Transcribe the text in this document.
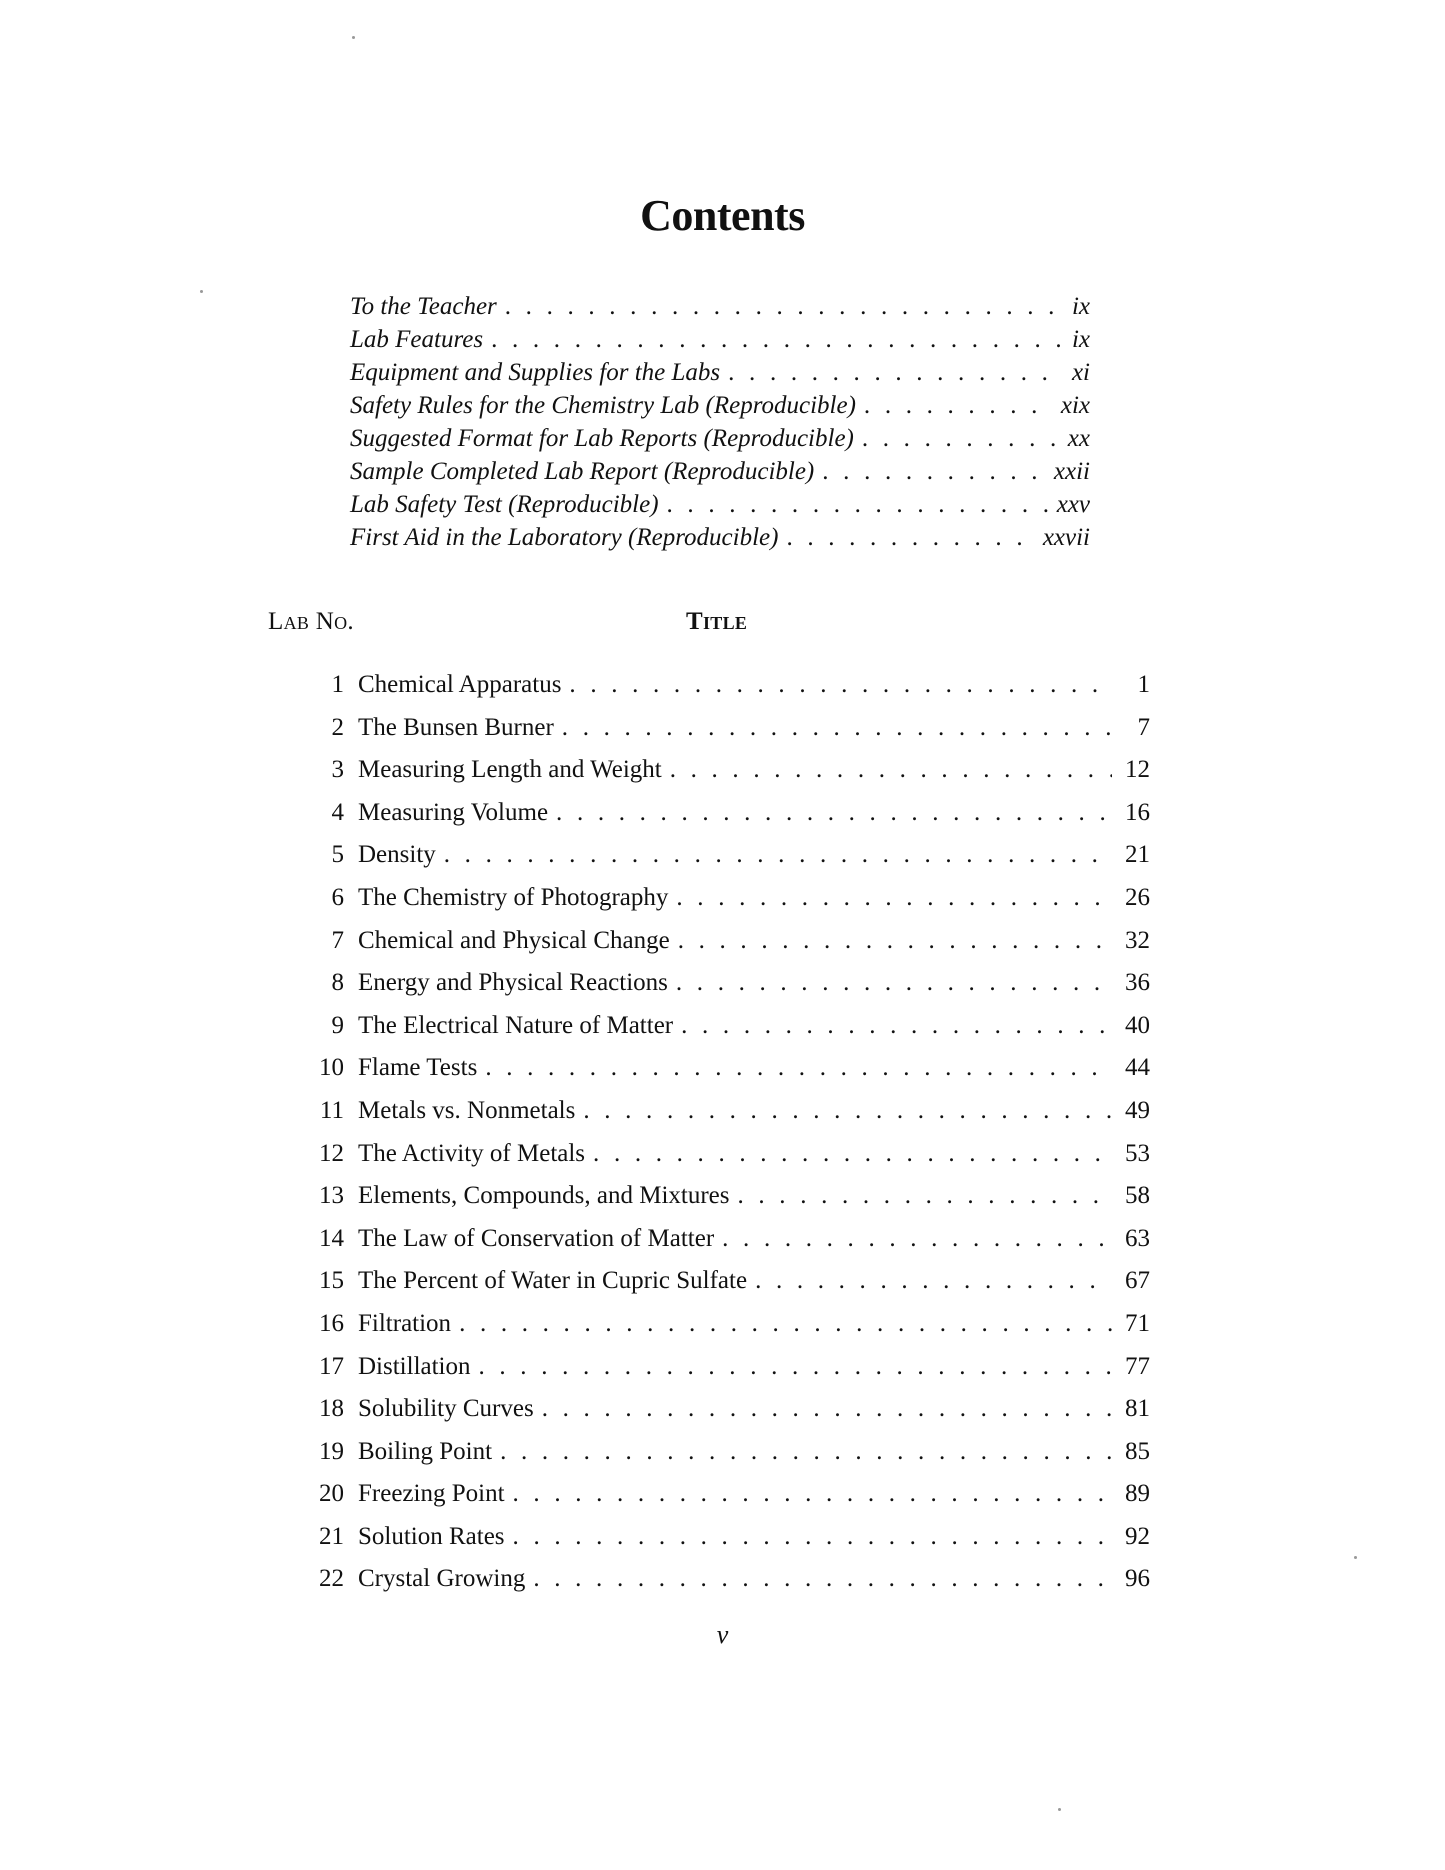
Contents
To the Teacher . . .	ix
Lab Features . . .	ix
Equipment and Supplies for the Labs . . .	xi
Safety Rules for the Chemistry Lab (Reproducible) . . .	xix
Suggested Format for Lab Reports (Reproducible) . . .	xx
Sample Completed Lab Report (Reproducible) . . .	xxii
Lab Safety Test (Reproducible) . . .	xxv
First Aid in the Laboratory (Reproducible) . . .	xxvii
Lab No.	Title
1 Chemical Apparatus . . .	1
2 The Bunsen Burner . . .	7
3 Measuring Length and Weight . . .	12
4 Measuring Volume . . .	16
5 Density . . .	21
6 The Chemistry of Photography . . .	26
7 Chemical and Physical Change . . .	32
8 Energy and Physical Reactions . . .	36
9 The Electrical Nature of Matter . . .	40
10 Flame Tests . . .	44
11 Metals vs. Nonmetals . . .	49
12 The Activity of Metals . . .	53
13 Elements, Compounds, and Mixtures . . .	58
14 The Law of Conservation of Matter . . .	63
15 The Percent of Water in Cupric Sulfate . . .	67
16 Filtration . . .	71
17 Distillation . . .	77
18 Solubility Curves . . .	81
19 Boiling Point . . .	85
20 Freezing Point . . .	89
21 Solution Rates . . .	92
22 Crystal Growing . . .	96
v
